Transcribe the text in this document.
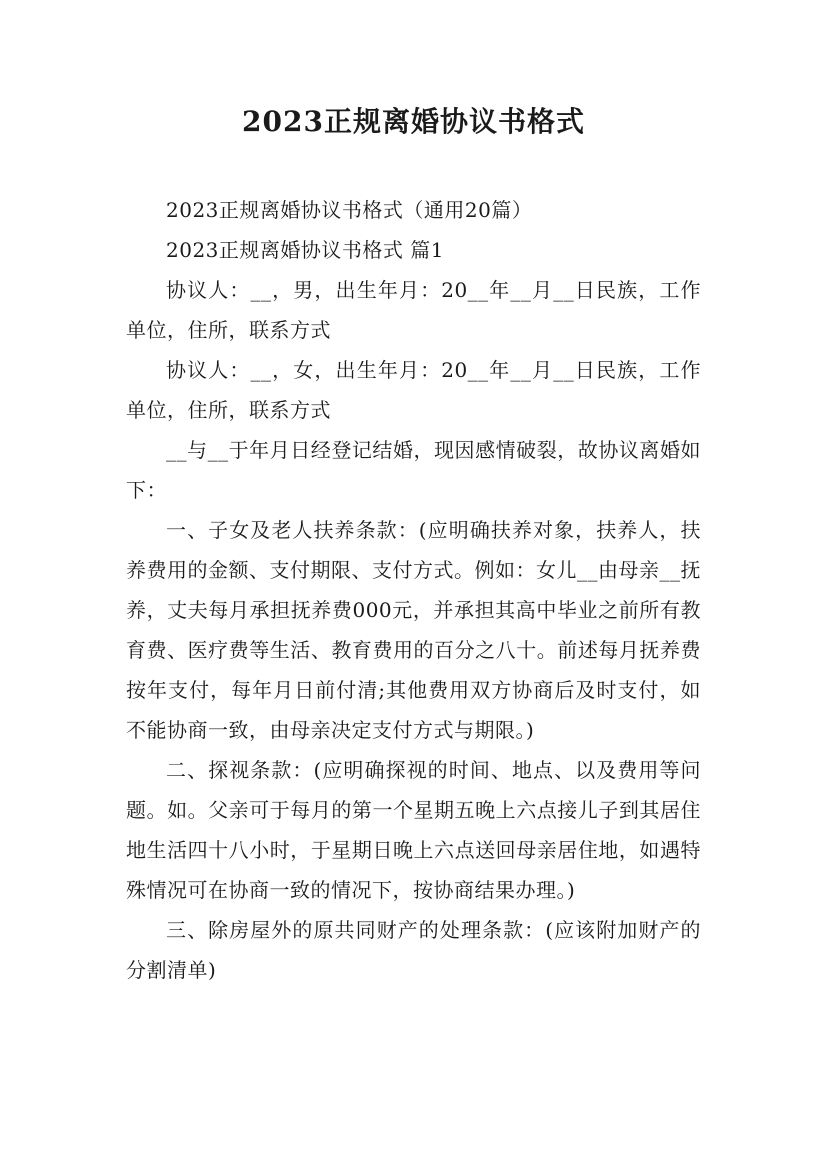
2023正规离婚协议书格式

2023正规离婚协议书格式（通用20篇）

2023正规离婚协议书格式 篇1

协议人：__，男，出生年月：20__年__月__日民族，工作单位，住所，联系方式

协议人：__，女，出生年月：20__年__月__日民族，工作单位，住所，联系方式

__与__于年月日经登记结婚，现因感情破裂，故协议离婚如下：

一、子女及老人扶养条款：(应明确扶养对象，扶养人，扶养费用的金额、支付期限、支付方式。例如：女儿__由母亲__抚养，丈夫每月承担抚养费000元，并承担其高中毕业之前所有教育费、医疗费等生活、教育费用的百分之八十。前述每月抚养费按年支付，每年月日前付清;其他费用双方协商后及时支付，如不能协商一致，由母亲决定支付方式与期限。)

二、探视条款：(应明确探视的时间、地点、以及费用等问题。如。父亲可于每月的第一个星期五晚上六点接儿子到其居住地生活四十八小时，于星期日晚上六点送回母亲居住地，如遇特殊情况可在协商一致的情况下，按协商结果办理。)

三、除房屋外的原共同财产的处理条款：(应该附加财产的分割清单)
